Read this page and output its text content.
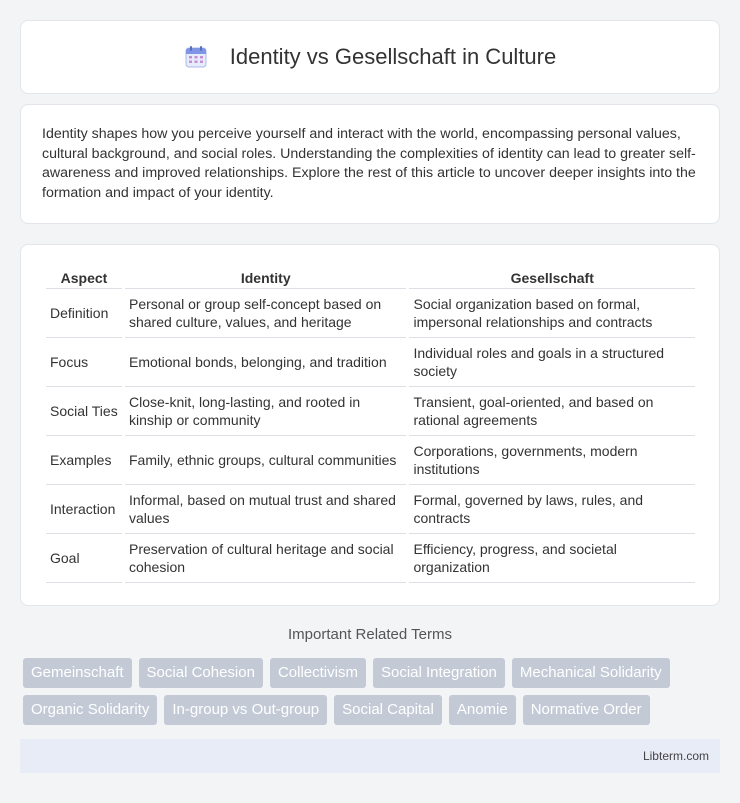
Identity vs Gesellschaft in Culture

Identity shapes how you perceive yourself and interact with the world, encompassing personal values, cultural background, and social roles. Understanding the complexities of identity can lead to greater self-awareness and improved relationships. Explore the rest of this article to uncover deeper insights into the formation and impact of your identity.

Aspect	Identity	Gesellschaft
Definition	Personal or group self-concept based on shared culture, values, and heritage	Social organization based on formal, impersonal relationships and contracts
Focus	Emotional bonds, belonging, and tradition	Individual roles and goals in a structured society
Social Ties	Close-knit, long-lasting, and rooted in kinship or community	Transient, goal-oriented, and based on rational agreements
Examples	Family, ethnic groups, cultural communities	Corporations, governments, modern institutions
Interaction	Informal, based on mutual trust and shared values	Formal, governed by laws, rules, and contracts
Goal	Preservation of cultural heritage and social cohesion	Efficiency, progress, and societal organization
Important Related Terms
Gemeinschaft	Social Cohesion	Collectivism	Social Integration	Mechanical Solidarity
Organic Solidarity	In-group vs Out-group	Social Capital	Anomie	Normative Order
Libterm.com
